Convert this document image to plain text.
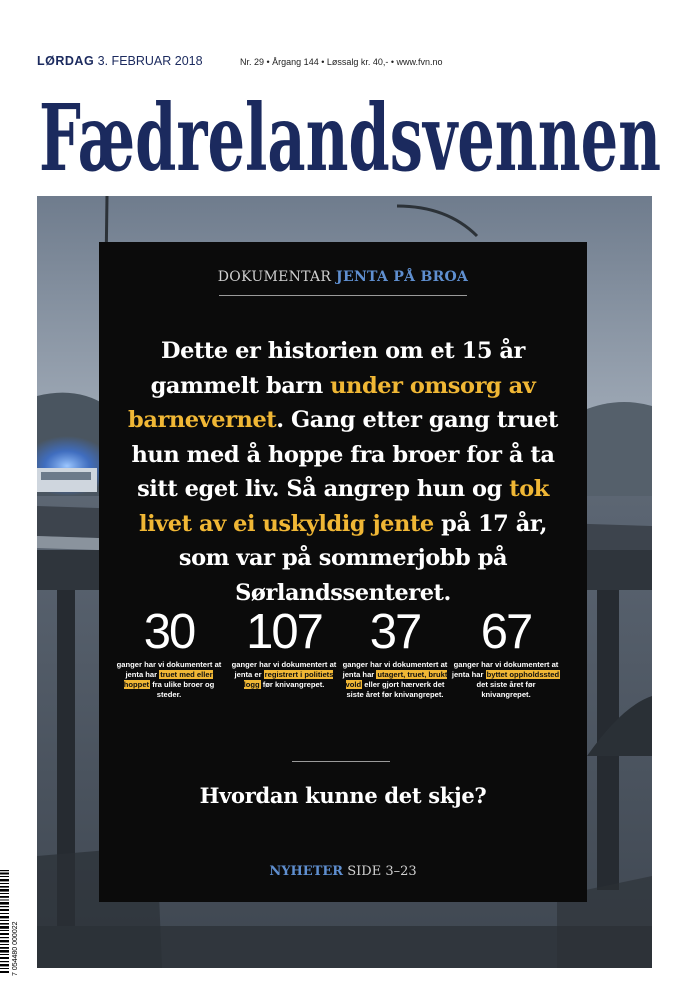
LØRDAG 3. FEBRUAR 2018	Nr. 29 • Årgang 144 • Løssalg kr. 40,- • www.fvn.no
Fædrelandsvennen
DOKUMENTAR JENTA PÅ BROA
Dette er historien om et 15 år gammelt barn under omsorg av barnevernet. Gang etter gang truet hun med å hoppe fra broer for å ta sitt eget liv. Så angrep hun og tok livet av ei uskyldig jente på 17 år, som var på sommerjobb på Sørlandssenteret.
30
ganger har vi dokumentert at jenta har truet med eller hoppet fra ulike broer og steder.
107
ganger har vi dokumentert at jenta er registrert i politiets logg før knivangrepet.
37
ganger har vi dokumentert at jenta har utagert, truet, brukt vold eller gjort hærverk det siste året før knivangrepet.
67
ganger har vi dokumentert at jenta har byttet oppholdssted det siste året før knivangrepet.
Hvordan kunne det skje?
NYHETER SIDE 3–23
7 054480 000022
